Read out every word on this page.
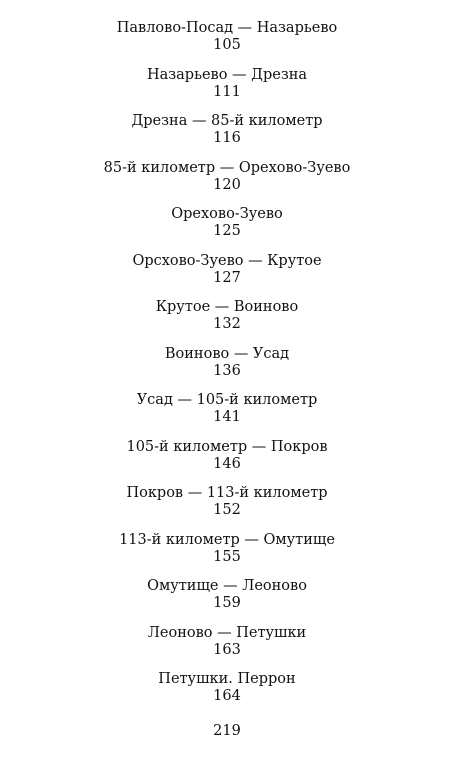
Павлово-Посад — Назарьево
105
Назарьево — Дрезна
111
Дрезна — 85-й километр
116
85-й километр — Орехово-Зуево
120
Орехово-Зуево
125
Орсхово-Зуево — Крутое
127
Крутое — Воиново
132
Воиново — Усад
136
Усад — 105-й километр
141
105-й километр — Покров
146
Покров — 113-й километр
152
113-й километр — Омутище
155
Омутище — Леоново
159
Леоново — Петушки
163
Петушки. Перрон
164
219
